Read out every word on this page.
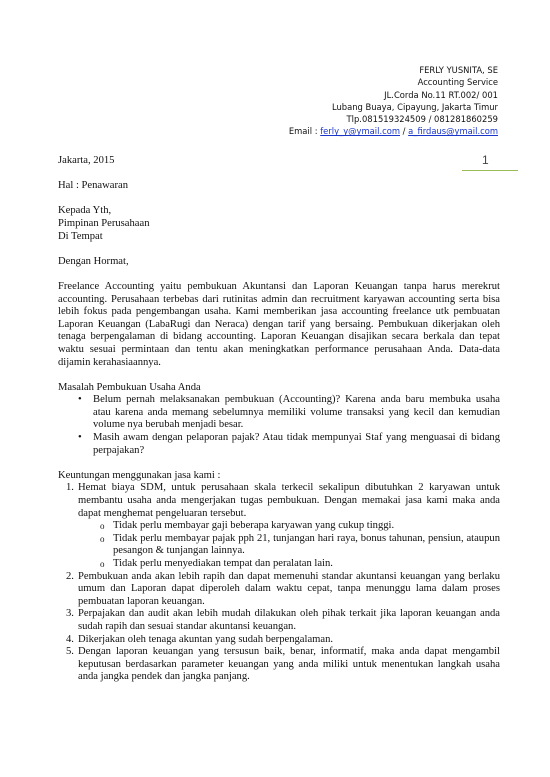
FERLY YUSNITA, SE
Accounting Service
JL.Corda No.11 RT.002/ 001
Lubang Buaya, Cipayung, Jakarta Timur
Tlp.081519324509 / 081281860259
Email : ferly_y@ymail.com / a_firdaus@ymail.com
1

Jakarta, 2015

Hal : Penawaran

Kepada Yth,

Pimpinan Perusahaan

Di Tempat

Dengan Hormat,

Freelance Accounting yaitu pembukuan Akuntansi dan Laporan Keuangan tanpa harus merekrut accounting. Perusahaan terbebas dari rutinitas admin dan recruitment karyawan accounting serta bisa lebih fokus pada pengembangan usaha. Kami memberikan jasa accounting freelance utk pembuatan Laporan Keuangan (LabaRugi dan Neraca) dengan tarif yang bersaing. Pembukuan dikerjakan oleh tenaga berpengalaman di bidang accounting. Laporan Keuangan disajikan secara berkala dan tepat waktu sesuai permintaan dan tentu akan meningkatkan performance perusahaan Anda. Data-data dijamin kerahasiaannya.

Masalah Pembukuan Usaha Anda

• Belum pernah melaksanakan pembukuan (Accounting)? Karena anda baru membuka usaha atau karena anda memang sebelumnya memiliki volume transaksi yang kecil dan kemudian volume nya berubah menjadi besar.
• Masih awam dengan pelaporan pajak? Atau tidak mempunyai Staf yang menguasai di bidang perpajakan?

Keuntungan menggunakan jasa kami :

1. Hemat biaya SDM, untuk perusahaan skala terkecil sekalipun dibutuhkan 2 karyawan untuk membantu usaha anda mengerjakan tugas pembukuan. Dengan memakai jasa kami maka anda dapat menghemat pengeluaran tersebut.
o Tidak perlu membayar gaji beberapa karyawan yang cukup tinggi.
o Tidak perlu membayar pajak pph 21, tunjangan hari raya, bonus tahunan, pensiun, ataupun pesangon & tunjangan lainnya.
o Tidak perlu menyediakan tempat dan peralatan lain.
2. Pembukuan anda akan lebih rapih dan dapat memenuhi standar akuntansi keuangan yang berlaku umum dan Laporan dapat diperoleh dalam waktu cepat, tanpa menunggu lama dalam proses pembuatan laporan keuangan.
3. Perpajakan dan audit akan lebih mudah dilakukan oleh pihak terkait jika laporan keuangan anda sudah rapih dan sesuai standar akuntansi keuangan.
4. Dikerjakan oleh tenaga akuntan yang sudah berpengalaman.
5. Dengan laporan keuangan yang tersusun baik, benar, informatif, maka anda dapat mengambil keputusan berdasarkan parameter keuangan yang anda miliki untuk menentukan langkah usaha anda jangka pendek dan jangka panjang.
